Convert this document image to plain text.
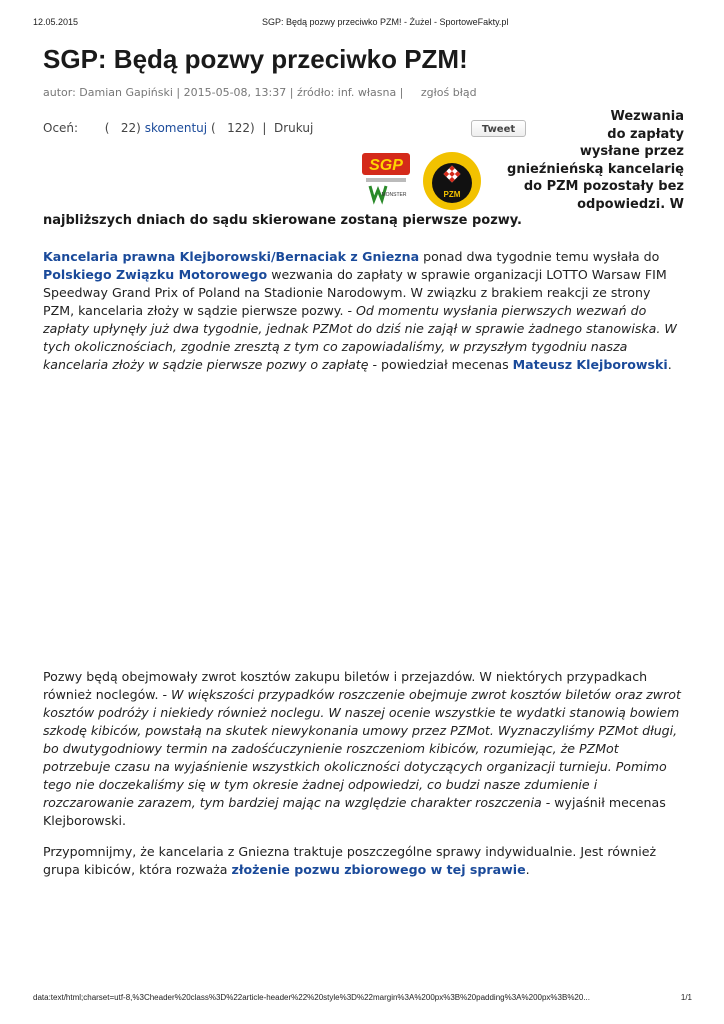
12.05.2015	SGP: Będą pozwy przeciwko PZM! - Żużel - SportoweFakty.pl
SGP: Będą pozwy przeciwko PZM!
autor: Damian Gapiński | 2015-05-08, 13:37 | źródło: inf. własna |     zgłoś błąd
Oceń: (   22) skomentuj (   122) | Drukuj	Tweet
SGP
MONSTER	PZM
Wezwania
do zapłaty
wysłane przez
gnieźnieńską kancelarię
do PZM pozostały bez
odpowiedzi. W
najbliższych dniach do sądu skierowane zostaną pierwsze pozwy.

Kancelaria prawna Klejborowski/Bernaciak z Gniezna ponad dwa tygodnie temu wysłała do Polskiego Związku Motorowego wezwania do zapłaty w sprawie organizacji LOTTO Warsaw FIM Speedway Grand Prix of Poland na Stadionie Narodowym. W związku z brakiem reakcji ze strony PZM, kancelaria złoży w sądzie pierwsze pozwy. - Od momentu wysłania pierwszych wezwań do zapłaty upłynęły już dwa tygodnie, jednak PZMot do dziś nie zajął w sprawie żadnego stanowiska. W tych okolicznościach, zgodnie zresztą z tym co zapowiadaliśmy, w przyszłym tygodniu nasza kancelaria złoży w sądzie pierwsze pozwy o zapłatę - powiedział mecenas Mateusz Klejborowski.

Pozwy będą obejmowały zwrot kosztów zakupu biletów i przejazdów. W niektórych przypadkach również noclegów. - W większości przypadków roszczenie obejmuje zwrot kosztów biletów oraz zwrot kosztów podróży i niekiedy również noclegu. W naszej ocenie wszystkie te wydatki stanowią bowiem szkodę kibiców, powstałą na skutek niewykonania umowy przez PZMot. Wyznaczyliśmy PZMot długi, bo dwutygodniowy termin na zadośćuczynienie roszczeniom kibiców, rozumiejąc, że PZMot potrzebuje czasu na wyjaśnienie wszystkich okoliczności dotyczących organizacji turnieju. Pomimo tego nie doczekaliśmy się w tym okresie żadnej odpowiedzi, co budzi nasze zdumienie i rozczarowanie zarazem, tym bardziej mając na względzie charakter roszczenia - wyjaśnił mecenas Klejborowski.

Przypomnijmy, że kancelaria z Gniezna traktuje poszczególne sprawy indywidualnie. Jest również grupa kibiców, która rozważa złożenie pozwu zbiorowego w tej sprawie.

data:text/html;charset=utf-8,%3Cheader%20class%3D%22article-header%22%20style%3D%22margin%3A%200px%3B%20padding%3A%200px%3B%20...	1/1
